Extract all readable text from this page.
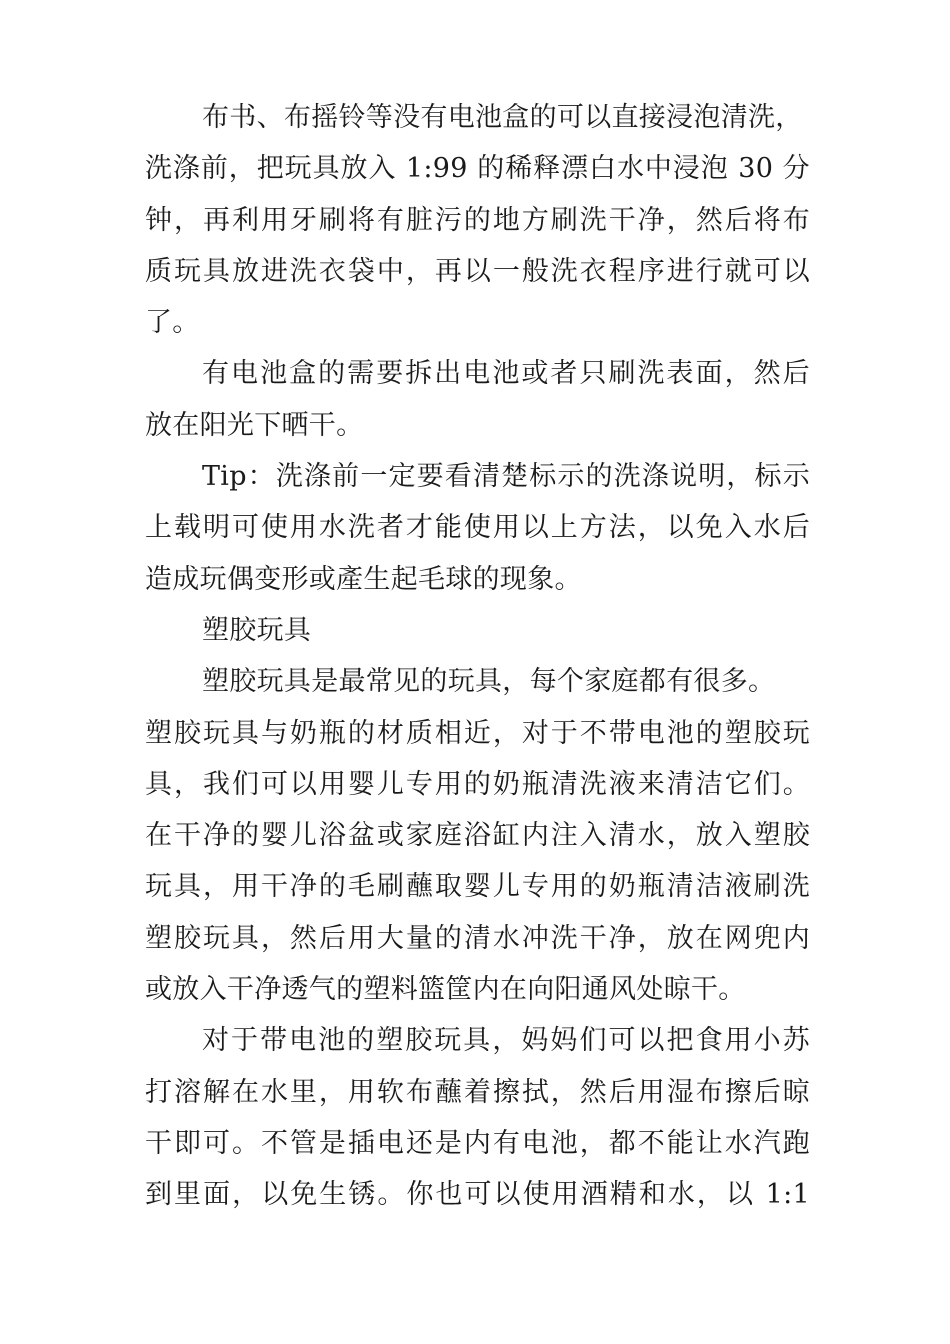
布书、布摇铃等没有电池盒的可以直接浸泡清洗，
洗涤前，把玩具放入 1:99 的稀释漂白水中浸泡 30 分
钟，再利用牙刷将有脏污的地方刷洗干净，然后将布
质玩具放进洗衣袋中，再以一般洗衣程序进行就可以
了。
有电池盒的需要拆出电池或者只刷洗表面，然后
放在阳光下晒干。
Tip：洗涤前一定要看清楚标示的洗涤说明，标示
上载明可使用水洗者才能使用以上方法，以免入水后
造成玩偶变形或產生起毛球的现象。
塑胶玩具
塑胶玩具是最常见的玩具，每个家庭都有很多。
塑胶玩具与奶瓶的材质相近，对于不带电池的塑胶玩
具，我们可以用婴儿专用的奶瓶清洗液来清洁它们。
在干净的婴儿浴盆或家庭浴缸内注入清水，放入塑胶
玩具，用干净的毛刷蘸取婴儿专用的奶瓶清洁液刷洗
塑胶玩具，然后用大量的清水冲洗干净，放在网兜内
或放入干净透气的塑料篮筐内在向阳通风处晾干。
对于带电池的塑胶玩具，妈妈们可以把食用小苏
打溶解在水里，用软布蘸着擦拭，然后用湿布擦后晾
干即可。不管是插电还是内有电池，都不能让水汽跑
到里面，以免生锈。你也可以使用酒精和水，以 1:1
